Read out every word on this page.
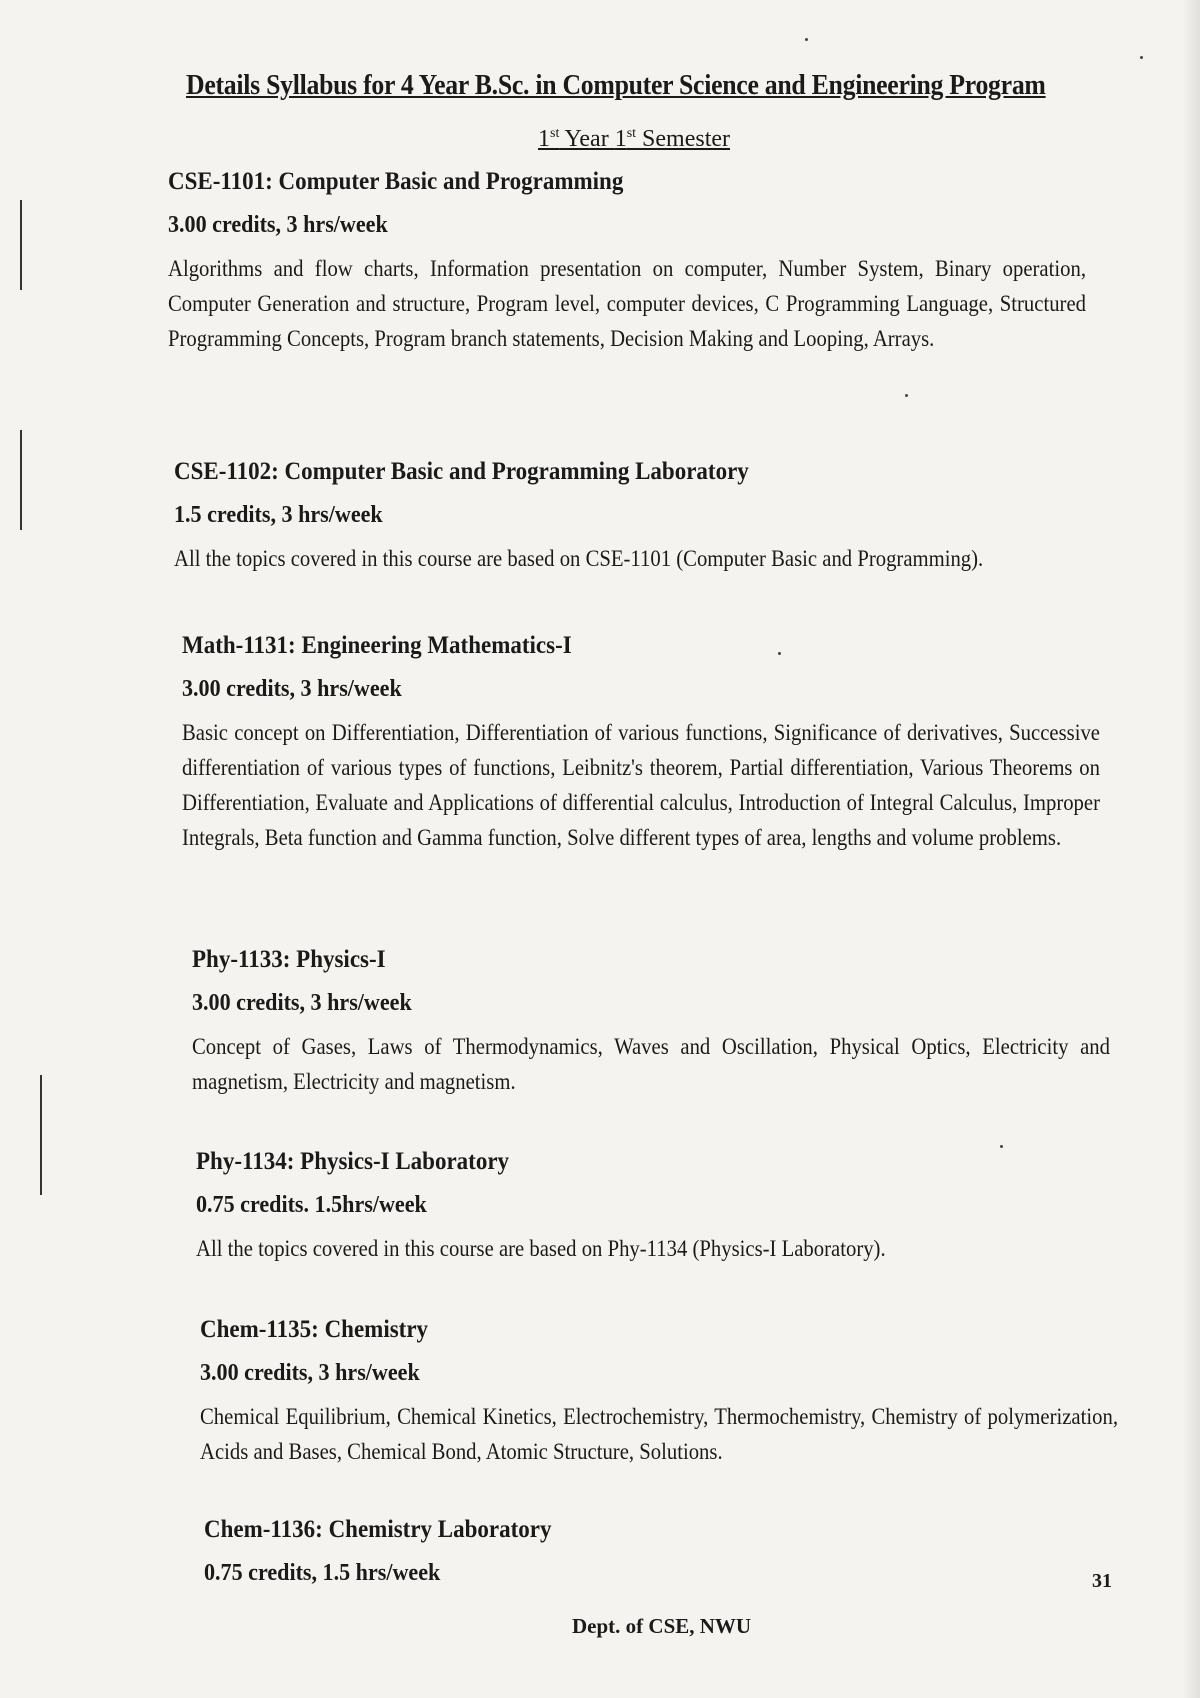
Details Syllabus for 4 Year B.Sc. in Computer Science and Engineering Program
1st Year 1st Semester
CSE-1101: Computer Basic and Programming
3.00 credits, 3 hrs/week
Algorithms and flow charts, Information presentation on computer, Number System, Binary operation, Computer Generation and structure, Program level, computer devices, C Programming Language, Structured Programming Concepts, Program branch statements, Decision Making and Looping, Arrays.
CSE-1102: Computer Basic and Programming Laboratory
1.5 credits, 3 hrs/week
All the topics covered in this course are based on CSE-1101 (Computer Basic and Programming).
Math-1131: Engineering Mathematics-I
3.00 credits, 3 hrs/week
Basic concept on Differentiation, Differentiation of various functions, Significance of derivatives, Successive differentiation of various types of functions, Leibnitz's theorem, Partial differentiation, Various Theorems on Differentiation, Evaluate and Applications of differential calculus, Introduction of Integral Calculus, Improper Integrals, Beta function and Gamma function, Solve different types of area, lengths and volume problems.
Phy-1133: Physics-I
3.00 credits, 3 hrs/week
Concept of Gases, Laws of Thermodynamics, Waves and Oscillation, Physical Optics, Electricity and magnetism, Electricity and magnetism.
Phy-1134: Physics-I Laboratory
0.75 credits. 1.5hrs/week
All the topics covered in this course are based on Phy-1134 (Physics-I Laboratory).
Chem-1135: Chemistry
3.00 credits, 3 hrs/week
Chemical Equilibrium, Chemical Kinetics, Electrochemistry, Thermochemistry, Chemistry of polymerization, Acids and Bases, Chemical Bond, Atomic Structure, Solutions.
Chem-1136: Chemistry Laboratory
0.75 credits, 1.5 hrs/week	31
Dept. of CSE, NWU
